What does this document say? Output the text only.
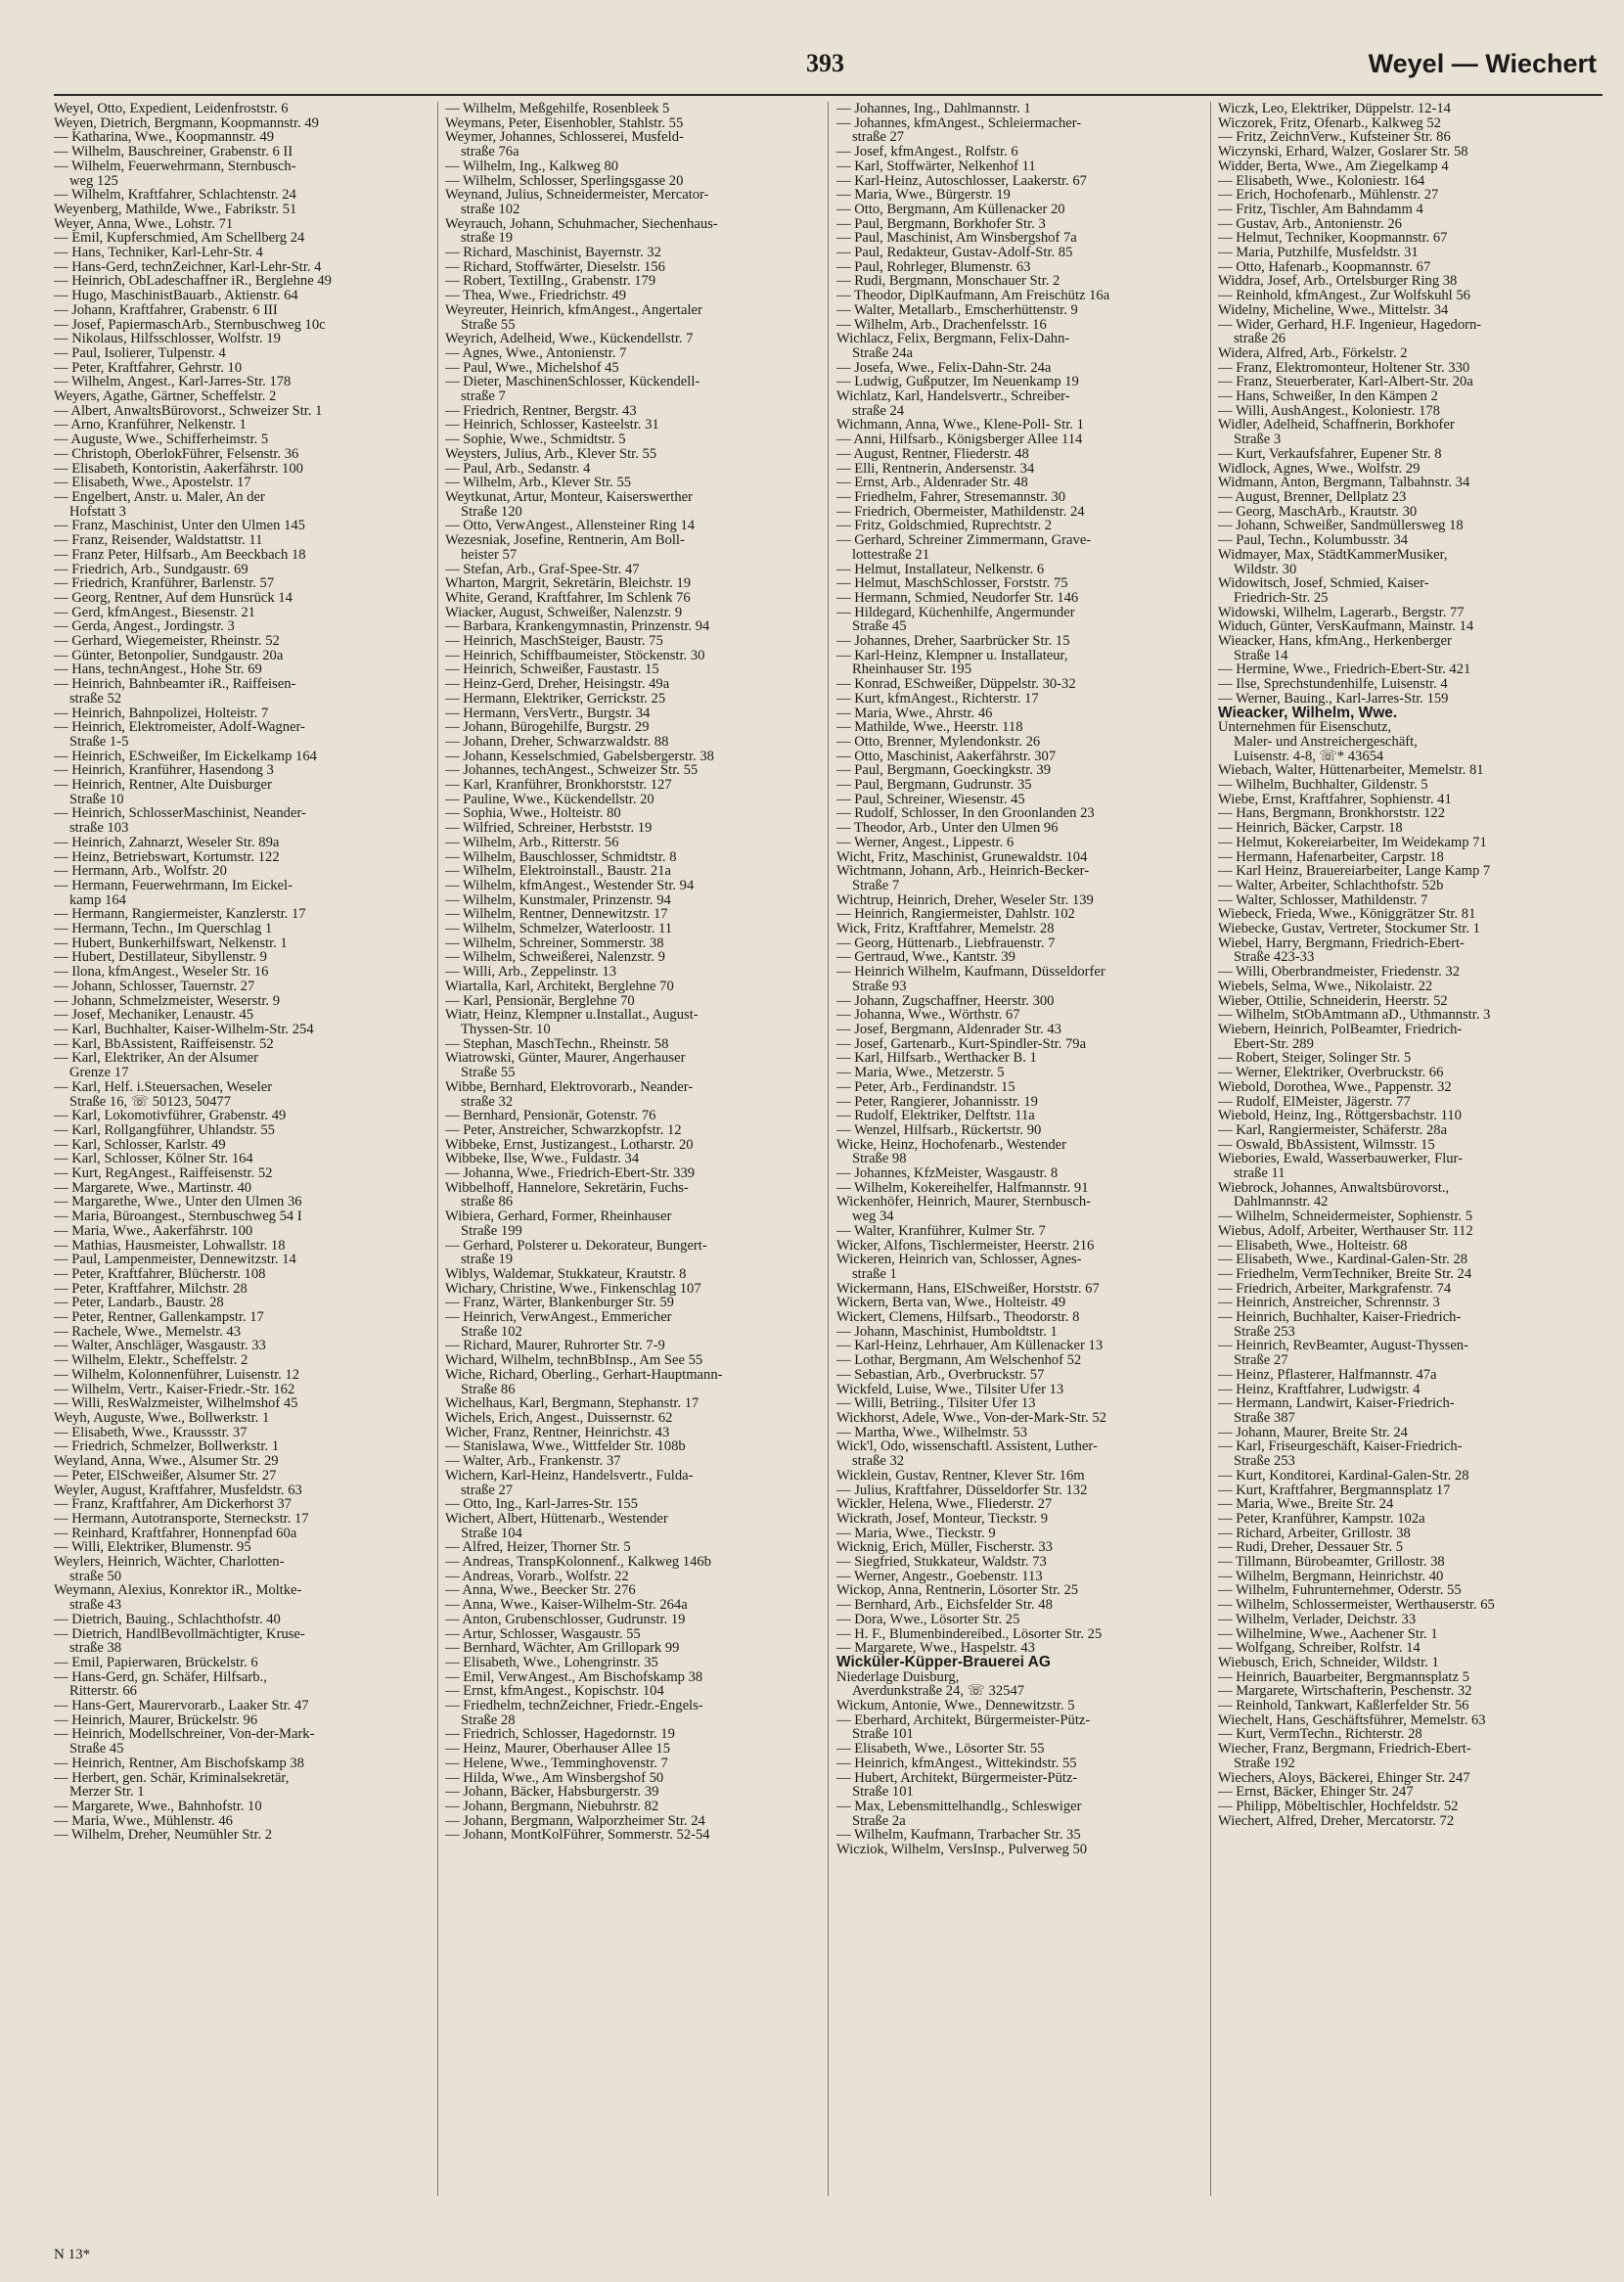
393	Weyel — Wiechert
Weyel, Otto, Expedient, Leidenfroststr. 6
Weyen, Dietrich, Bergmann, Koopmannstr. 49
— Katharina, Wwe., Koopmannstr. 49
— Wilhelm, Bauschreiner, Grabenstr. 6 II
— Wilhelm, Feuerwehrmann, Sternbusch-
weg 125
— Wilhelm, Kraftfahrer, Schlachtenstr. 24
Weyenberg, Mathilde, Wwe., Fabrikstr. 51
Weyer, Anna, Wwe., Lohstr. 71
— Emil, Kupferschmied, Am Schellberg 24
— Hans, Techniker, Karl-Lehr-Str. 4
— Hans-Gerd, technZeichner, Karl-Lehr-Str. 4
— Heinrich, ObLadeschaffner iR., Berglehne 49
— Hugo, MaschinistBauarb., Aktienstr. 64
— Johann, Kraftfahrer, Grabenstr. 6 III
— Josef, PapiermaschArb., Sternbuschweg 10c
— Nikolaus, Hilfsschlosser, Wolfstr. 19
— Paul, Isolierer, Tulpenstr. 4
— Peter, Kraftfahrer, Gehrstr. 10
— Wilhelm, Angest., Karl-Jarres-Str. 178
Weyers, Agathe, Gärtner, Scheffelstr. 2
— Albert, AnwaltsBürovorst., Schweizer Str. 1
— Arno, Kranführer, Nelkenstr. 1
— Auguste, Wwe., Schifferheimstr. 5
— Christoph, OberlokFührer, Felsenstr. 36
— Elisabeth, Kontoristin, Aakerfährstr. 100
— Elisabeth, Wwe., Apostelstr. 17
— Engelbert, Anstr. u. Maler, An der
Hofstatt 3
— Franz, Maschinist, Unter den Ulmen 145
— Franz, Reisender, Waldstattstr. 11
— Franz Peter, Hilfsarb., Am Beeckbach 18
— Friedrich, Arb., Sundgaustr. 69
— Friedrich, Kranführer, Barlenstr. 57
— Georg, Rentner, Auf dem Hunsrück 14
— Gerd, kfmAngest., Biesenstr. 21
— Gerda, Angest., Jordingstr. 3
— Gerhard, Wiegemeister, Rheinstr. 52
— Günter, Betonpolier, Sundgaustr. 20a
— Hans, technAngest., Hohe Str. 69
— Heinrich, Bahnbeamter iR., Raiffeisen-
straße 52
— Heinrich, Bahnpolizei, Holteistr. 7
— Heinrich, Elektromeister, Adolf-Wagner-
Straße 1-5
— Heinrich, ESchweißer, Im Eickelkamp 164
— Heinrich, Kranführer, Hasendong 3
— Heinrich, Rentner, Alte Duisburger
Straße 10
— Heinrich, SchlosserMaschinist, Neander-
straße 103
— Heinrich, Zahnarzt, Weseler Str. 89a
— Heinz, Betriebswart, Kortumstr. 122
— Hermann, Arb., Wolfstr. 20
— Hermann, Feuerwehrmann, Im Eickel-
kamp 164
— Hermann, Rangiermeister, Kanzlerstr. 17
— Hermann, Techn., Im Querschlag 1
— Hubert, Bunkerhilfswart, Nelkenstr. 1
— Hubert, Destillateur, Sibyllenstr. 9
— Ilona, kfmAngest., Weseler Str. 16
— Johann, Schlosser, Tauernstr. 27
— Johann, Schmelzmeister, Weserstr. 9
— Josef, Mechaniker, Lenaustr. 45
— Karl, Buchhalter, Kaiser-Wilhelm-Str. 254
— Karl, BbAssistent, Raiffeisenstr. 52
— Karl, Elektriker, An der Alsumer
Grenze 17
— Karl, Helf. i.Steuersachen, Weseler
Straße 16, ☏ 50123, 50477
— Karl, Lokomotivführer, Grabenstr. 49
— Karl, Rollgangführer, Uhlandstr. 55
— Karl, Schlosser, Karlstr. 49
— Karl, Schlosser, Kölner Str. 164
— Kurt, RegAngest., Raiffeisenstr. 52
— Margarete, Wwe., Martinstr. 40
— Margarethe, Wwe., Unter den Ulmen 36
— Maria, Büroangest., Sternbuschweg 54 I
— Maria, Wwe., Aakerfährstr. 100
— Mathias, Hausmeister, Lohwallstr. 18
— Paul, Lampenmeister, Dennewitzstr. 14
— Peter, Kraftfahrer, Blücherstr. 108
— Peter, Kraftfahrer, Milchstr. 28
— Peter, Landarb., Baustr. 28
— Peter, Rentner, Gallenkampstr. 17
— Rachele, Wwe., Memelstr. 43
— Walter, Anschläger, Wasgaustr. 33
— Wilhelm, Elektr., Scheffelstr. 2
— Wilhelm, Kolonnenführer, Luisenstr. 12
— Wilhelm, Vertr., Kaiser-Friedr.-Str. 162
— Willi, ResWalzmeister, Wilhelmshof 45
Weyh, Auguste, Wwe., Bollwerkstr. 1
— Elisabeth, Wwe., Kraussstr. 37
— Friedrich, Schmelzer, Bollwerkstr. 1
Weyland, Anna, Wwe., Alsumer Str. 29
— Peter, ElSchweißer, Alsumer Str. 27
Weyler, August, Kraftfahrer, Musfeldstr. 63
— Franz, Kraftfahrer, Am Dickerhorst 37
— Hermann, Autotransporte, Sterneckstr. 17
— Reinhard, Kraftfahrer, Honnenpfad 60a
— Willi, Elektriker, Blumenstr. 95
Weylers, Heinrich, Wächter, Charlotten-
straße 50
Weymann, Alexius, Konrektor iR., Moltke-
straße 43
— Dietrich, Bauing., Schlachthofstr. 40
— Dietrich, HandlBevollmächtigter, Kruse-
straße 38
— Emil, Papierwaren, Brückelstr. 6
— Hans-Gerd, gn. Schäfer, Hilfsarb.,
Ritterstr. 66
— Hans-Gert, Maurervorarb., Laaker Str. 47
— Heinrich, Maurer, Brückelstr. 96
— Heinrich, Modellschreiner, Von-der-Mark-
Straße 45
— Heinrich, Rentner, Am Bischofskamp 38
— Herbert, gen. Schär, Kriminalsekretär,
Merzer Str. 1
— Margarete, Wwe., Bahnhofstr. 10
— Maria, Wwe., Mühlenstr. 46
— Wilhelm, Dreher, Neumühler Str. 2
— Wilhelm, Meßgehilfe, Rosenbleek 5
Weymans, Peter, Eisenhobler, Stahlstr. 55
Weymer, Johannes, Schlosserei, Musfeld-
straße 76a
— Wilhelm, Ing., Kalkweg 80
— Wilhelm, Schlosser, Sperlingsgasse 20
Weynand, Julius, Schneidermeister, Mercator-
straße 102
Weyrauch, Johann, Schuhmacher, Siechenhaus-
straße 19
— Richard, Maschinist, Bayernstr. 32
— Richard, Stoffwärter, Dieselstr. 156
— Robert, TextilIng., Grabenstr. 179
— Thea, Wwe., Friedrichstr. 49
Weyreuter, Heinrich, kfmAngest., Angertaler
Straße 55
Weyrich, Adelheid, Wwe., Kückendellstr. 7
— Agnes, Wwe., Antonienstr. 7
— Paul, Wwe., Michelshof 45
— Dieter, MaschinenSchlosser, Kückendell-
straße 7
— Friedrich, Rentner, Bergstr. 43
— Heinrich, Schlosser, Kasteelstr. 31
— Sophie, Wwe., Schmidtstr. 5
Weysters, Julius, Arb., Klever Str. 55
— Paul, Arb., Sedanstr. 4
— Wilhelm, Arb., Klever Str. 55
Weytkunat, Artur, Monteur, Kaiserswerther
Straße 120
— Otto, VerwAngest., Allensteiner Ring 14
Wezesniak, Josefine, Rentnerin, Am Boll-
heister 57
— Stefan, Arb., Graf-Spee-Str. 47
Wharton, Margrit, Sekretärin, Bleichstr. 19
White, Gerand, Kraftfahrer, Im Schlenk 76
Wiacker, August, Schweißer, Nalenzstr. 9
— Barbara, Krankengymnastin, Prinzenstr. 94
— Heinrich, MaschSteiger, Baustr. 75
— Heinrich, Schiffbaumeister, Stöckenstr. 30
— Heinrich, Schweißer, Faustastr. 15
— Heinz-Gerd, Dreher, Heisingstr. 49a
— Hermann, Elektriker, Gerrickstr. 25
— Hermann, VersVertr., Burgstr. 34
— Johann, Bürogehilfe, Burgstr. 29
— Johann, Dreher, Schwarzwaldstr. 88
— Johann, Kesselschmied, Gabelsbergerstr. 38
— Johannes, techAngest., Schweizer Str. 55
— Karl, Kranführer, Bronkhorststr. 127
— Pauline, Wwe., Kückendellstr. 20
— Sophia, Wwe., Holteistr. 80
— Wilfried, Schreiner, Herbststr. 19
— Wilhelm, Arb., Ritterstr. 56
— Wilhelm, Bauschlosser, Schmidtstr. 8
— Wilhelm, Elektroinstall., Baustr. 21a
— Wilhelm, kfmAngest., Westender Str. 94
— Wilhelm, Kunstmaler, Prinzenstr. 94
— Wilhelm, Rentner, Dennewitzstr. 17
— Wilhelm, Schmelzer, Waterloostr. 11
— Wilhelm, Schreiner, Sommerstr. 38
— Wilhelm, Schweißerei, Nalenzstr. 9
— Willi, Arb., Zeppelinstr. 13
Wiartalla, Karl, Architekt, Berglehne 70
— Karl, Pensionär, Berglehne 70
Wiatr, Heinz, Klempner u.Installat., August-
Thyssen-Str. 10
— Stephan, MaschTechn., Rheinstr. 58
Wiatrowski, Günter, Maurer, Angerhauser
Straße 55
Wibbe, Bernhard, Elektrovorarb., Neander-
straße 32
— Bernhard, Pensionär, Gotenstr. 76
— Peter, Anstreicher, Schwarzkopfstr. 12
Wibbeke, Ernst, Justizangest., Lotharstr. 20
Wibbeke, Ilse, Wwe., Fuldastr. 34
— Johanna, Wwe., Friedrich-Ebert-Str. 339
Wibbelhoff, Hannelore, Sekretärin, Fuchs-
straße 86
Wibiera, Gerhard, Former, Rheinhauser
Straße 199
— Gerhard, Polsterer u. Dekorateur, Bungert-
straße 19
Wiblys, Waldemar, Stukkateur, Krautstr. 8
Wichary, Christine, Wwe., Finkenschlag 107
— Franz, Wärter, Blankenburger Str. 59
— Heinrich, VerwAngest., Emmericher
Straße 102
— Richard, Maurer, Ruhrorter Str. 7-9
Wichard, Wilhelm, technBbInsp., Am See 55
Wiche, Richard, Oberling., Gerhart-Hauptmann-
Straße 86
Wichelhaus, Karl, Bergmann, Stephanstr. 17
Wichels, Erich, Angest., Duissernstr. 62
Wicher, Franz, Rentner, Heinrichstr. 43
— Stanislawa, Wwe., Wittfelder Str. 108b
— Walter, Arb., Frankenstr. 37
Wichern, Karl-Heinz, Handelsvertr., Fulda-
straße 27
— Otto, Ing., Karl-Jarres-Str. 155
Wichert, Albert, Hüttenarb., Westender
Straße 104
— Alfred, Heizer, Thorner Str. 5
— Andreas, TranspKolonnenf., Kalkweg 146b
— Andreas, Vorarb., Wolfstr. 22
— Anna, Wwe., Beecker Str. 276
— Anna, Wwe., Kaiser-Wilhelm-Str. 264a
— Anton, Grubenschlosser, Gudrunstr. 19
— Artur, Schlosser, Wasgaustr. 55
— Bernhard, Wächter, Am Grillopark 99
— Elisabeth, Wwe., Lohengrinstr. 35
— Emil, VerwAngest., Am Bischofskamp 38
— Ernst, kfmAngest., Kopischstr. 104
— Friedhelm, technZeichner, Friedr.-Engels-
Straße 28
— Friedrich, Schlosser, Hagedornstr. 19
— Heinz, Maurer, Oberhauser Allee 15
— Helene, Wwe., Temminghovenstr. 7
— Hilda, Wwe., Am Winsbergshof 50
— Johann, Bäcker, Habsburgerstr. 39
— Johann, Bergmann, Niebuhrstr. 82
— Johann, Bergmann, Walporzheimer Str. 24
— Johann, MontKolFührer, Sommerstr. 52-54
— Johannes, Ing., Dahlmannstr. 1
— Johannes, kfmAngest., Schleiermacher-
straße 27
— Josef, kfmAngest., Rolfstr. 6
— Karl, Stoffwärter, Nelkenhof 11
— Karl-Heinz, Autoschlosser, Laakerstr. 67
— Maria, Wwe., Bürgerstr. 19
— Otto, Bergmann, Am Küllenacker 20
— Paul, Bergmann, Borkhofer Str. 3
— Paul, Maschinist, Am Winsbergshof 7a
— Paul, Redakteur, Gustav-Adolf-Str. 85
— Paul, Rohrleger, Blumenstr. 63
— Rudi, Bergmann, Monschauer Str. 2
— Theodor, DiplKaufmann, Am Freischütz 16a
— Walter, Metallarb., Emscherhüttenstr. 9
— Wilhelm, Arb., Drachenfelsstr. 16
Wichlacz, Felix, Bergmann, Felix-Dahn-
Straße 24a
— Josefa, Wwe., Felix-Dahn-Str. 24a
— Ludwig, Gußputzer, Im Neuenkamp 19
Wichlatz, Karl, Handelsvertr., Schreiber-
straße 24
Wichmann, Anna, Wwe., Klene-Poll- Str. 1
— Anni, Hilfsarb., Königsberger Allee 114
— August, Rentner, Fliederstr. 48
— Elli, Rentnerin, Andersenstr. 34
— Ernst, Arb., Aldenrader Str. 48
— Friedhelm, Fahrer, Stresemannstr. 30
— Friedrich, Obermeister, Mathildenstr. 24
— Fritz, Goldschmied, Ruprechtstr. 2
— Gerhard, Schreiner Zimmermann, Grave-
lottestraße 21
— Helmut, Installateur, Nelkenstr. 6
— Helmut, MaschSchlosser, Forststr. 75
— Hermann, Schmied, Neudorfer Str. 146
— Hildegard, Küchenhilfe, Angermunder
Straße 45
— Johannes, Dreher, Saarbrücker Str. 15
— Karl-Heinz, Klempner u. Installateur,
Rheinhauser Str. 195
— Konrad, ESchweißer, Düppelstr. 30-32
— Kurt, kfmAngest., Richterstr. 17
— Maria, Wwe., Ahrstr. 46
— Mathilde, Wwe., Heerstr. 118
— Otto, Brenner, Mylendonkstr. 26
— Otto, Maschinist, Aakerfährstr. 307
— Paul, Bergmann, Goeckingkstr. 39
— Paul, Bergmann, Gudrunstr. 35
— Paul, Schreiner, Wiesenstr. 45
— Rudolf, Schlosser, In den Groonlanden 23
— Theodor, Arb., Unter den Ulmen 96
— Werner, Angest., Lippestr. 6
Wicht, Fritz, Maschinist, Grunewaldstr. 104
Wichtmann, Johann, Arb., Heinrich-Becker-
Straße 7
Wichtrup, Heinrich, Dreher, Weseler Str. 139
— Heinrich, Rangiermeister, Dahlstr. 102
Wick, Fritz, Kraftfahrer, Memelstr. 28
— Georg, Hüttenarb., Liebfrauenstr. 7
— Gertraud, Wwe., Kantstr. 39
— Heinrich Wilhelm, Kaufmann, Düsseldorfer
Straße 93
— Johann, Zugschaffner, Heerstr. 300
— Johanna, Wwe., Wörthstr. 67
— Josef, Bergmann, Aldenrader Str. 43
— Josef, Gartenarb., Kurt-Spindler-Str. 79a
— Karl, Hilfsarb., Werthacker B. 1
— Maria, Wwe., Metzerstr. 5
— Peter, Arb., Ferdinandstr. 15
— Peter, Rangierer, Johannisstr. 19
— Rudolf, Elektriker, Delftstr. 11a
— Wenzel, Hilfsarb., Rückertstr. 90
Wicke, Heinz, Hochofenarb., Westender
Straße 98
— Johannes, KfzMeister, Wasgaustr. 8
— Wilhelm, Kokereihelfer, Halfmannstr. 91
Wickenhöfer, Heinrich, Maurer, Sternbusch-
weg 34
— Walter, Kranführer, Kulmer Str. 7
Wicker, Alfons, Tischlermeister, Heerstr. 216
Wickeren, Heinrich van, Schlosser, Agnes-
straße 1
Wickermann, Hans, ElSchweißer, Horststr. 67
Wickern, Berta van, Wwe., Holteistr. 49
Wickert, Clemens, Hilfsarb., Theodorstr. 8
— Johann, Maschinist, Humboldtstr. 1
— Karl-Heinz, Lehrhauer, Am Küllenacker 13
— Lothar, Bergmann, Am Welschenhof 52
— Sebastian, Arb., Overbruckstr. 57
Wickfeld, Luise, Wwe., Tilsiter Ufer 13
— Willi, Betriing., Tilsiter Ufer 13
Wickhorst, Adele, Wwe., Von-der-Mark-Str. 52
— Martha, Wwe., Wilhelmstr. 53
Wick'l, Odo, wissenschaftl. Assistent, Luther-
straße 32
Wicklein, Gustav, Rentner, Klever Str. 16m
— Julius, Kraftfahrer, Düsseldorfer Str. 132
Wickler, Helena, Wwe., Fliederstr. 27
Wickrath, Josef, Monteur, Tieckstr. 9
— Maria, Wwe., Tieckstr. 9
Wicknig, Erich, Müller, Fischerstr. 33
— Siegfried, Stukkateur, Waldstr. 73
— Werner, Angestr., Goebenstr. 113
Wickop, Anna, Rentnerin, Lösorter Str. 25
— Bernhard, Arb., Eichsfelder Str. 48
— Dora, Wwe., Lösorter Str. 25
— H. F., Blumenbindereibed., Lösorter Str. 25
— Margarete, Wwe., Haspelstr. 43
Wicküler-Küpper-Brauerei AG
Niederlage Duisburg,
Averdunkstraße 24, ☏ 32547
Wickum, Antonie, Wwe., Dennewitzstr. 5
— Eberhard, Architekt, Bürgermeister-Pütz-
Straße 101
— Elisabeth, Wwe., Lösorter Str. 55
— Heinrich, kfmAngest., Wittekindstr. 55
— Hubert, Architekt, Bürgermeister-Pütz-
Straße 101
— Max, Lebensmittelhandlg., Schleswiger
Straße 2a
— Wilhelm, Kaufmann, Trarbacher Str. 35
Wicziok, Wilhelm, VersInsp., Pulverweg 50
Wiczk, Leo, Elektriker, Düppelstr. 12-14
Wiczorek, Fritz, Ofenarb., Kalkweg 52
— Fritz, ZeichnVerw., Kufsteiner Str. 86
Wiczynski, Erhard, Walzer, Goslarer Str. 58
Widder, Berta, Wwe., Am Ziegelkamp 4
— Elisabeth, Wwe., Koloniestr. 164
— Erich, Hochofenarb., Mühlenstr. 27
— Fritz, Tischler, Am Bahndamm 4
— Gustav, Arb., Antonienstr. 26
— Helmut, Techniker, Koopmannstr. 67
— Maria, Putzhilfe, Musfeldstr. 31
— Otto, Hafenarb., Koopmannstr. 67
Widdra, Josef, Arb., Ortelsburger Ring 38
— Reinhold, kfmAngest., Zur Wolfskuhl 56
Widelny, Micheline, Wwe., Mittelstr. 34
— Wider, Gerhard, H.F. Ingenieur, Hagedorn-
straße 26
Widera, Alfred, Arb., Förkelstr. 2
— Franz, Elektromonteur, Holtener Str. 330
— Franz, Steuerberater, Karl-Albert-Str. 20a
— Hans, Schweißer, In den Kämpen 2
— Willi, AushAngest., Koloniestr. 178
Widler, Adelheid, Schaffnerin, Borkhofer
Straße 3
— Kurt, Verkaufsfahrer, Eupener Str. 8
Widlock, Agnes, Wwe., Wolfstr. 29
Widmann, Anton, Bergmann, Talbahnstr. 34
— August, Brenner, Dellplatz 23
— Georg, MaschArb., Krautstr. 30
— Johann, Schweißer, Sandmüllersweg 18
— Paul, Techn., Kolumbusstr. 34
Widmayer, Max, StädtKammerMusiker,
Wildstr. 30
Widowitsch, Josef, Schmied, Kaiser-
Friedrich-Str. 25
Widowski, Wilhelm, Lagerarb., Bergstr. 77
Widuch, Günter, VersKaufmann, Mainstr. 14
Wieacker, Hans, kfmAng., Herkenberger
Straße 14
— Hermine, Wwe., Friedrich-Ebert-Str. 421
— Ilse, Sprechstundenhilfe, Luisenstr. 4
— Werner, Bauing., Karl-Jarres-Str. 159
Wieacker, Wilhelm, Wwe.
Unternehmen für Eisenschutz,
Maler- und Anstreichergeschäft,
Luisenstr. 4-8, ☏* 43654
Wiebach, Walter, Hüttenarbeiter, Memelstr. 81
— Wilhelm, Buchhalter, Gildenstr. 5
Wiebe, Ernst, Kraftfahrer, Sophienstr. 41
— Hans, Bergmann, Bronkhorststr. 122
— Heinrich, Bäcker, Carpstr. 18
— Helmut, Kokereiarbeiter, Im Weidekamp 71
— Hermann, Hafenarbeiter, Carpstr. 18
— Karl Heinz, Brauereiarbeiter, Lange Kamp 7
— Walter, Arbeiter, Schlachthofstr. 52b
— Walter, Schlosser, Mathildenstr. 7
Wiebeck, Frieda, Wwe., Königgrätzer Str. 81
Wiebecke, Gustav, Vertreter, Stockumer Str. 1
Wiebel, Harry, Bergmann, Friedrich-Ebert-
Straße 423-33
— Willi, Oberbrandmeister, Friedenstr. 32
Wiebels, Selma, Wwe., Nikolaistr. 22
Wieber, Ottilie, Schneiderin, Heerstr. 52
— Wilhelm, StObAmtmann aD., Uthmannstr. 3
Wiebern, Heinrich, PolBeamter, Friedrich-
Ebert-Str. 289
— Robert, Steiger, Solinger Str. 5
— Werner, Elektriker, Overbruckstr. 66
Wiebold, Dorothea, Wwe., Pappenstr. 32
— Rudolf, ElMeister, Jägerstr. 77
Wiebold, Heinz, Ing., Röttgersbachstr. 110
— Karl, Rangiermeister, Schäferstr. 28a
— Oswald, BbAssistent, Wilmsstr. 15
Wiebories, Ewald, Wasserbauwerker, Flur-
straße 11
Wiebrock, Johannes, Anwaltsbürovorst.,
Dahlmannstr. 42
— Wilhelm, Schneidermeister, Sophienstr. 5
Wiebus, Adolf, Arbeiter, Werthauser Str. 112
— Elisabeth, Wwe., Holteistr. 68
— Elisabeth, Wwe., Kardinal-Galen-Str. 28
— Friedhelm, VermTechniker, Breite Str. 24
— Friedrich, Arbeiter, Markgrafenstr. 74
— Heinrich, Anstreicher, Schrennstr. 3
— Heinrich, Buchhalter, Kaiser-Friedrich-
Straße 253
— Heinrich, RevBeamter, August-Thyssen-
Straße 27
— Heinz, Pflasterer, Halfmannstr. 47a
— Heinz, Kraftfahrer, Ludwigstr. 4
— Hermann, Landwirt, Kaiser-Friedrich-
Straße 387
— Johann, Maurer, Breite Str. 24
— Karl, Friseurgeschäft, Kaiser-Friedrich-
Straße 253
— Kurt, Konditorei, Kardinal-Galen-Str. 28
— Kurt, Kraftfahrer, Bergmannsplatz 17
— Maria, Wwe., Breite Str. 24
— Peter, Kranführer, Kampstr. 102a
— Richard, Arbeiter, Grillostr. 38
— Rudi, Dreher, Dessauer Str. 5
— Tillmann, Bürobeamter, Grillostr. 38
— Wilhelm, Bergmann, Heinrichstr. 40
— Wilhelm, Fuhrunternehmer, Oderstr. 55
— Wilhelm, Schlossermeister, Werthauserstr. 65
— Wilhelm, Verlader, Deichstr. 33
— Wilhelmine, Wwe., Aachener Str. 1
— Wolfgang, Schreiber, Rolfstr. 14
Wiebusch, Erich, Schneider, Wildstr. 1
— Heinrich, Bauarbeiter, Bergmannsplatz 5
— Margarete, Wirtschafterin, Peschenstr. 32
— Reinhold, Tankwart, Kaßlerfelder Str. 56
Wiechelt, Hans, Geschäftsführer, Memelstr. 63
— Kurt, VermTechn., Richterstr. 28
Wiecher, Franz, Bergmann, Friedrich-Ebert-
Straße 192
Wiechers, Aloys, Bäckerei, Ehinger Str. 247
— Ernst, Bäcker, Ehinger Str. 247
— Philipp, Möbeltischler, Hochfeldstr. 52
Wiechert, Alfred, Dreher, Mercatorstr. 72
N 13*
